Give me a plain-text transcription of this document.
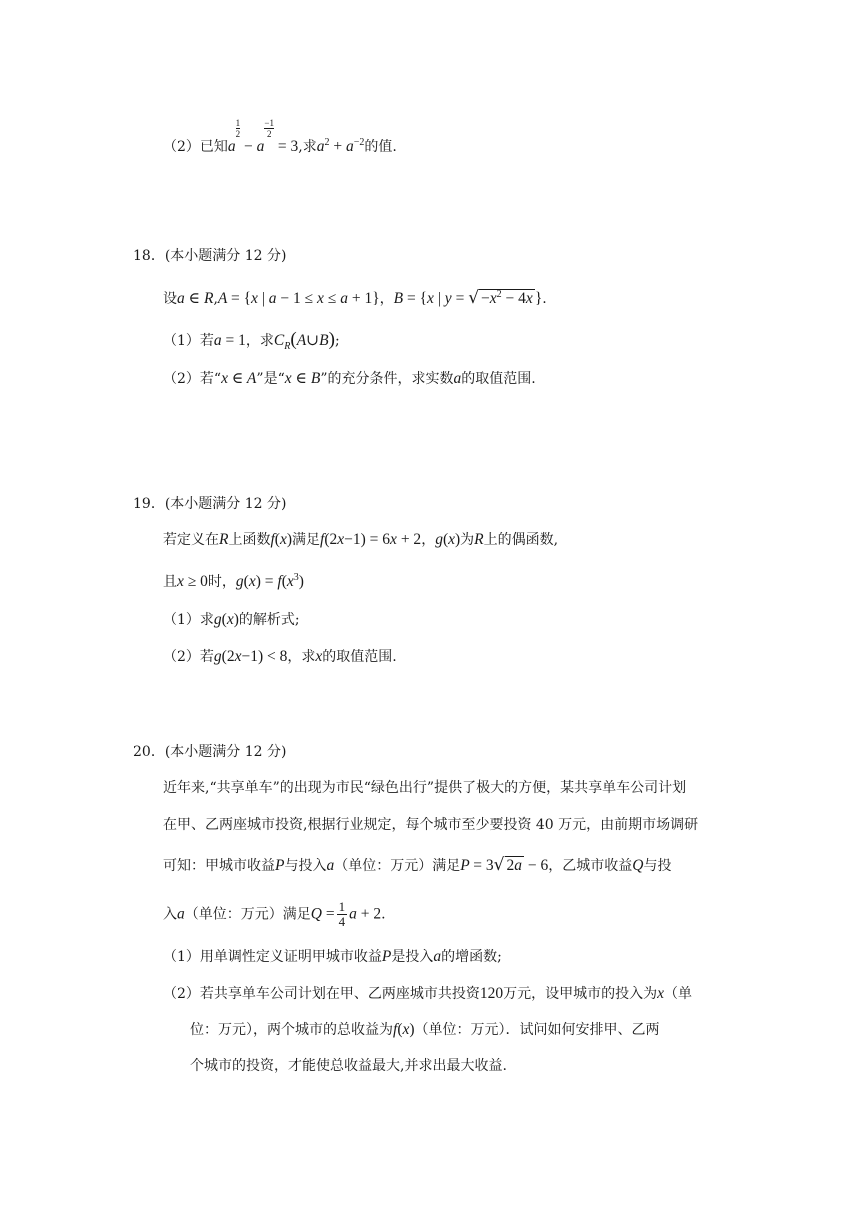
（2）已知a
$\frac{1}{2}$
− a
$\frac{-1}{2}$
= 3,求$a^2 + a^{-2}$的值.
18．(本小题满分 12 分)
设a ∈ R,A = {x | a − 1 ≤ x ≤ a + 1}，B = {x | y = √ $-x^2 - 4x$ }.
（1）若a = 1，求$C_R(A\cup B)$;
（2）若“x ∈ A”是“x ∈ B”的充分条件，求实数a的取值范围.
19．(本小题满分 12 分)
若定义在R上函数f(x)满足f(2x−1) = 6x + 2，g(x)为R上的偶函数,
且x ≥ 0时，$g(x) = f(x^3)$
（1）求g(x)的解析式;
（2）若g(2x−1) < 8，求x的取值范围.
20．(本小题满分 12 分)
近年来,“共享单车”的出现为市民“绿色出行”提供了极大的方便，某共享单车公司计划
在甲、乙两座城市投资,根据行业规定，每个城市至少要投资 40 万元，由前期市场调研
可知：甲城市收益P与投入a（单位：万元）满足P = 3√ 2a − 6，乙城市收益Q与投
入a（单位：万元）满足$Q = \frac{1}{4}$ a + 2.
（1）用单调性定义证明甲城市收益P是投入a的增函数;
（2）若共享单车公司计划在甲、乙两座城市共投资120万元，设甲城市的投入为x（单
位：万元），两个城市的总收益为f(x)（单位：万元）．试问如何安排甲、乙两
个城市的投资，才能使总收益最大,并求出最大收益.
